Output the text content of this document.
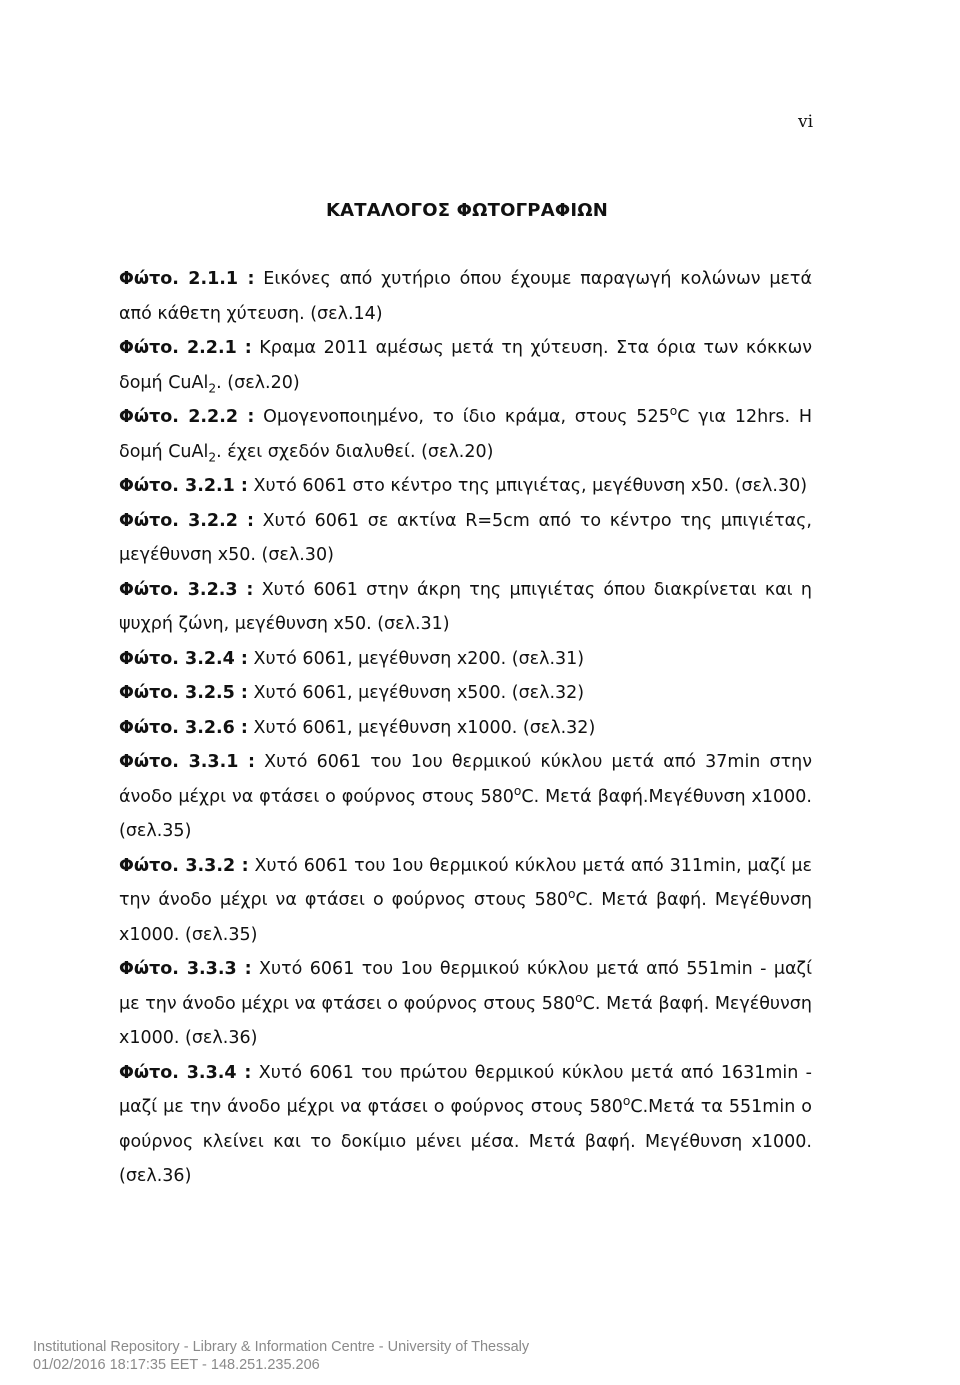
vi
ΚΑΤΑΛΟΓΟΣ ΦΩΤΟΓΡΑΦΙΩΝ

Φώτο. 2.1.1 : Εικόνες από χυτήριο όπου έχουμε παραγωγή κολώνων μετά από κάθετη χύτευση. (σελ.14)

Φώτο. 2.2.1 : Κραμα 2011 αμέσως μετά τη χύτευση. Στα όρια των κόκκων δομή CuAl$_2$. (σελ.20)

Φώτο. 2.2.2 : Ομογενοποιημένο, το ίδιο κράμα, στους 525$^o$C για 12hrs. Η δομή CuAl$_2$. έχει σχεδόν διαλυθεί. (σελ.20)

Φώτο. 3.2.1 : Χυτό 6061 στο κέντρο της μπιγιέτας, μεγέθυνση x50. (σελ.30)

Φώτο. 3.2.2 : Χυτό 6061 σε ακτίνα R=5cm από το κέντρο της μπιγιέτας, μεγέθυνση x50. (σελ.30)

Φώτο. 3.2.3 : Χυτό 6061 στην άκρη της μπιγιέτας όπου διακρίνεται και η ψυχρή ζώνη, μεγέθυνση x50. (σελ.31)

Φώτο. 3.2.4 : Χυτό 6061, μεγέθυνση x200. (σελ.31)

Φώτο. 3.2.5 : Χυτό 6061, μεγέθυνση x500. (σελ.32)

Φώτο. 3.2.6 : Χυτό 6061, μεγέθυνση x1000. (σελ.32)

Φώτο. 3.3.1 : Χυτό 6061 του 1ου θερμικού κύκλου μετά από 37min στην άνοδο μέχρι να φτάσει ο φούρνος στους 580$^o$C. Μετά βαφή.Μεγέθυνση x1000. (σελ.35)

Φώτο. 3.3.2 : Χυτό 6061 του 1ου θερμικού κύκλου μετά από 311min, μαζί με την άνοδο μέχρι να φτάσει ο φούρνος στους 580$^o$C. Μετά βαφή. Μεγέθυνση x1000. (σελ.35)

Φώτο. 3.3.3 : Χυτό 6061 του 1ου θερμικού κύκλου μετά από 551min - μαζί με την άνοδο μέχρι να φτάσει ο φούρνος στους 580$^o$C. Μετά βαφή. Μεγέθυνση x1000. (σελ.36)

Φώτο. 3.3.4 : Χυτό 6061 του πρώτου θερμικού κύκλου μετά από 1631min - μαζί με την άνοδο μέχρι να φτάσει ο φούρνος στους 580$^o$C.Μετά τα 551min ο φούρνος κλείνει και το δοκίμιο μένει μέσα. Μετά βαφή. Μεγέθυνση x1000. (σελ.36)

Institutional Repository - Library & Information Centre - University of Thessaly
01/02/2016 18:17:35 EET - 148.251.235.206
